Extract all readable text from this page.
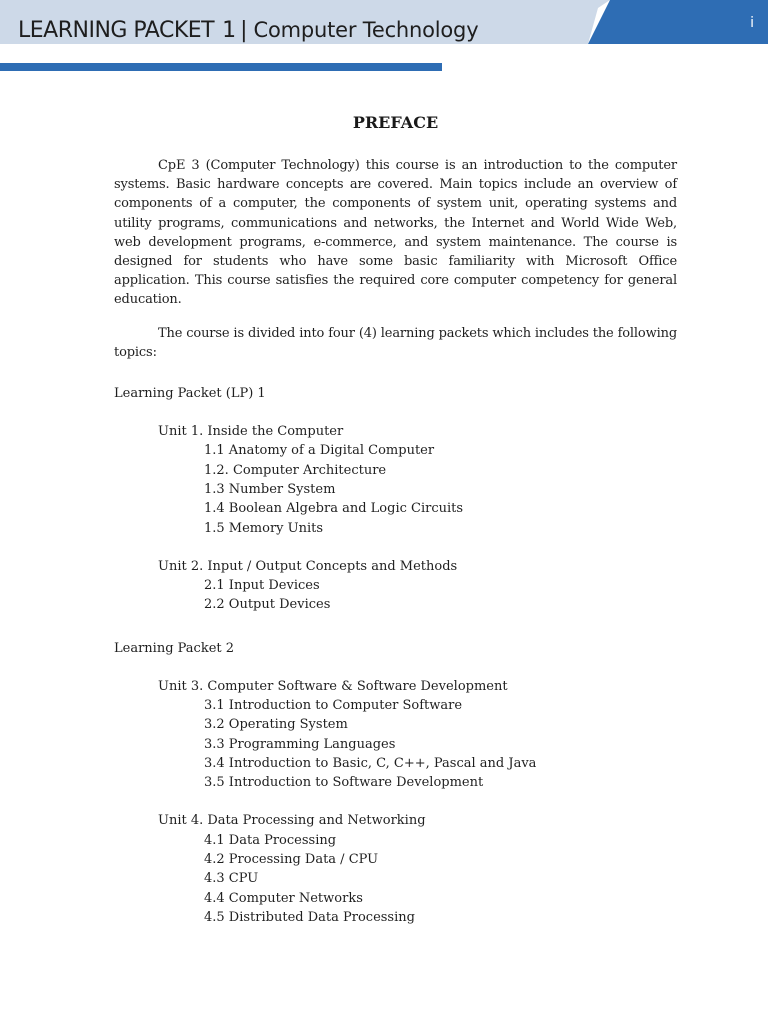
LEARNING PACKET 1 | Computer Technology	i
PREFACE

CpE 3 (Computer Technology) this course is an introduction to the computer systems. Basic hardware concepts are covered. Main topics include an overview of components of a computer, the components of system unit, operating systems and utility programs, communications and networks, the Internet and World Wide Web, web development programs, e-commerce, and system maintenance. The course is designed for students who have some basic familiarity with Microsoft Office application. This course satisfies the required core computer competency for general education.

The course is divided into four (4) learning packets which includes the following topics:

Learning Packet (LP) 1
Unit 1. Inside the Computer
1.1 Anatomy of a Digital Computer
1.2. Computer Architecture
1.3 Number System
1.4 Boolean Algebra and Logic Circuits
1.5 Memory Units
Unit 2. Input / Output Concepts and Methods
2.1 Input Devices
2.2 Output Devices
Learning Packet 2
Unit 3. Computer Software & Software Development
3.1 Introduction to Computer Software
3.2 Operating System
3.3 Programming Languages
3.4 Introduction to Basic, C, C++, Pascal and Java
3.5 Introduction to Software Development
Unit 4. Data Processing and Networking
4.1 Data Processing
4.2 Processing Data / CPU
4.3 CPU
4.4 Computer Networks
4.5 Distributed Data Processing
